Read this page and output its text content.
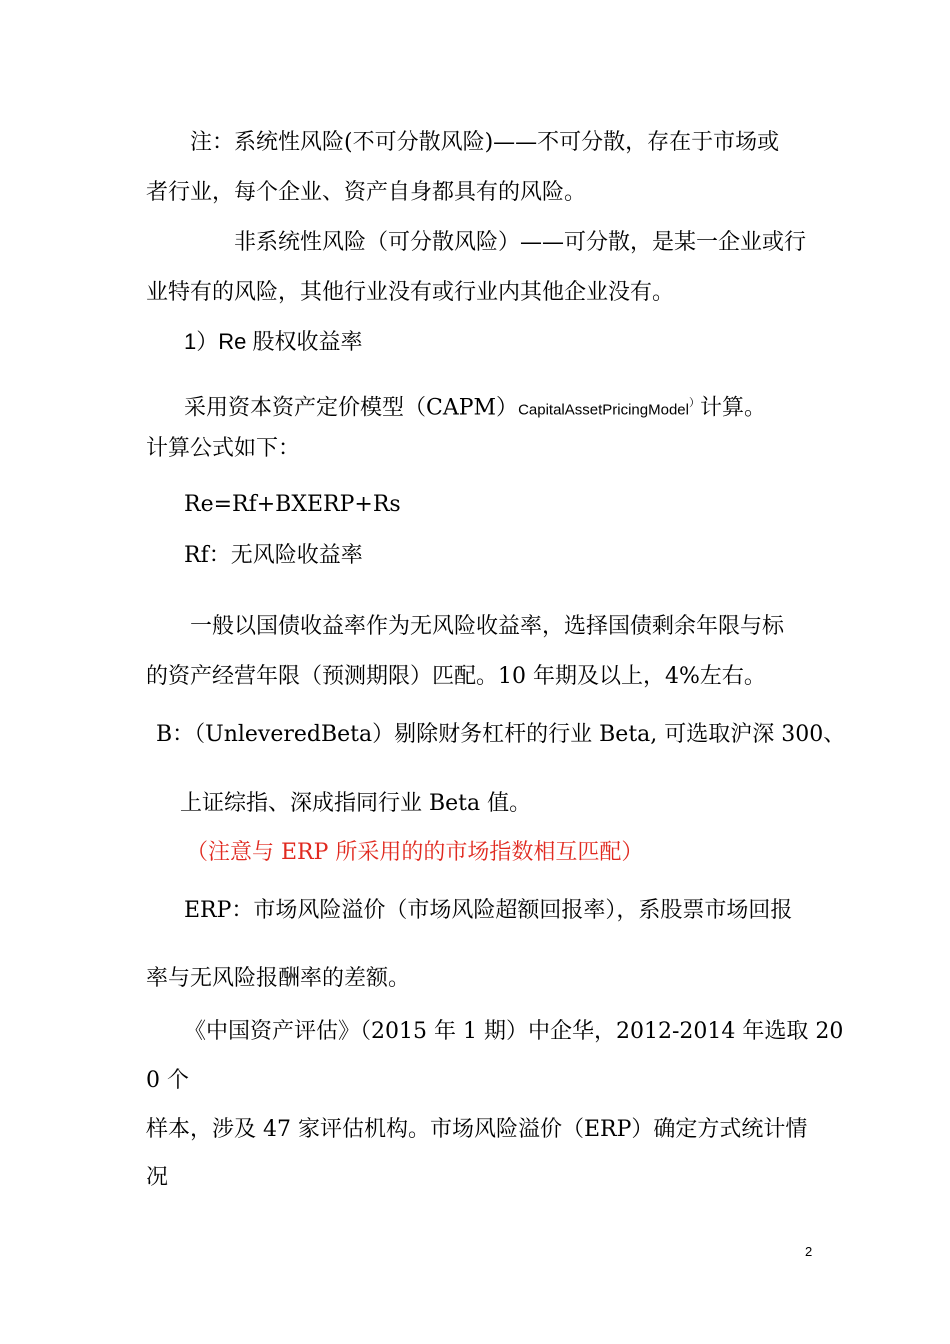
注：系统性风险(不可分散风险)——不可分散，存在于市场或
者行业，每个企业、资产自身都具有的风险。
非系统性风险（可分散风险）——可分散，是某一企业或行
业特有的风险，其他行业没有或行业内其他企业没有。
1）Re 股权收益率
采用资本资产定价模型（CAPM）CapitalAssetPricingModel）计算。
计算公式如下：
Re=Rf+BXERP+Rs
Rf：无风险收益率
一般以国债收益率作为无风险收益率，选择国债剩余年限与标
的资产经营年限（预测期限）匹配。10 年期及以上，4%左右。
B：（UnleveredBeta）剔除财务杠杆的行业 Beta, 可选取沪深 300、
上证综指、深成指同行业 Beta 值。
（注意与 ERP 所采用的的市场指数相互匹配）
ERP：市场风险溢价（市场风险超额回报率），系股票市场回报
率与无风险报酬率的差额。
《中国资产评估》（2015 年 1 期）中企华，2012-2014 年选取 20
0 个
样本，涉及 47 家评估机构。市场风险溢价（ERP）确定方式统计情
况
2
